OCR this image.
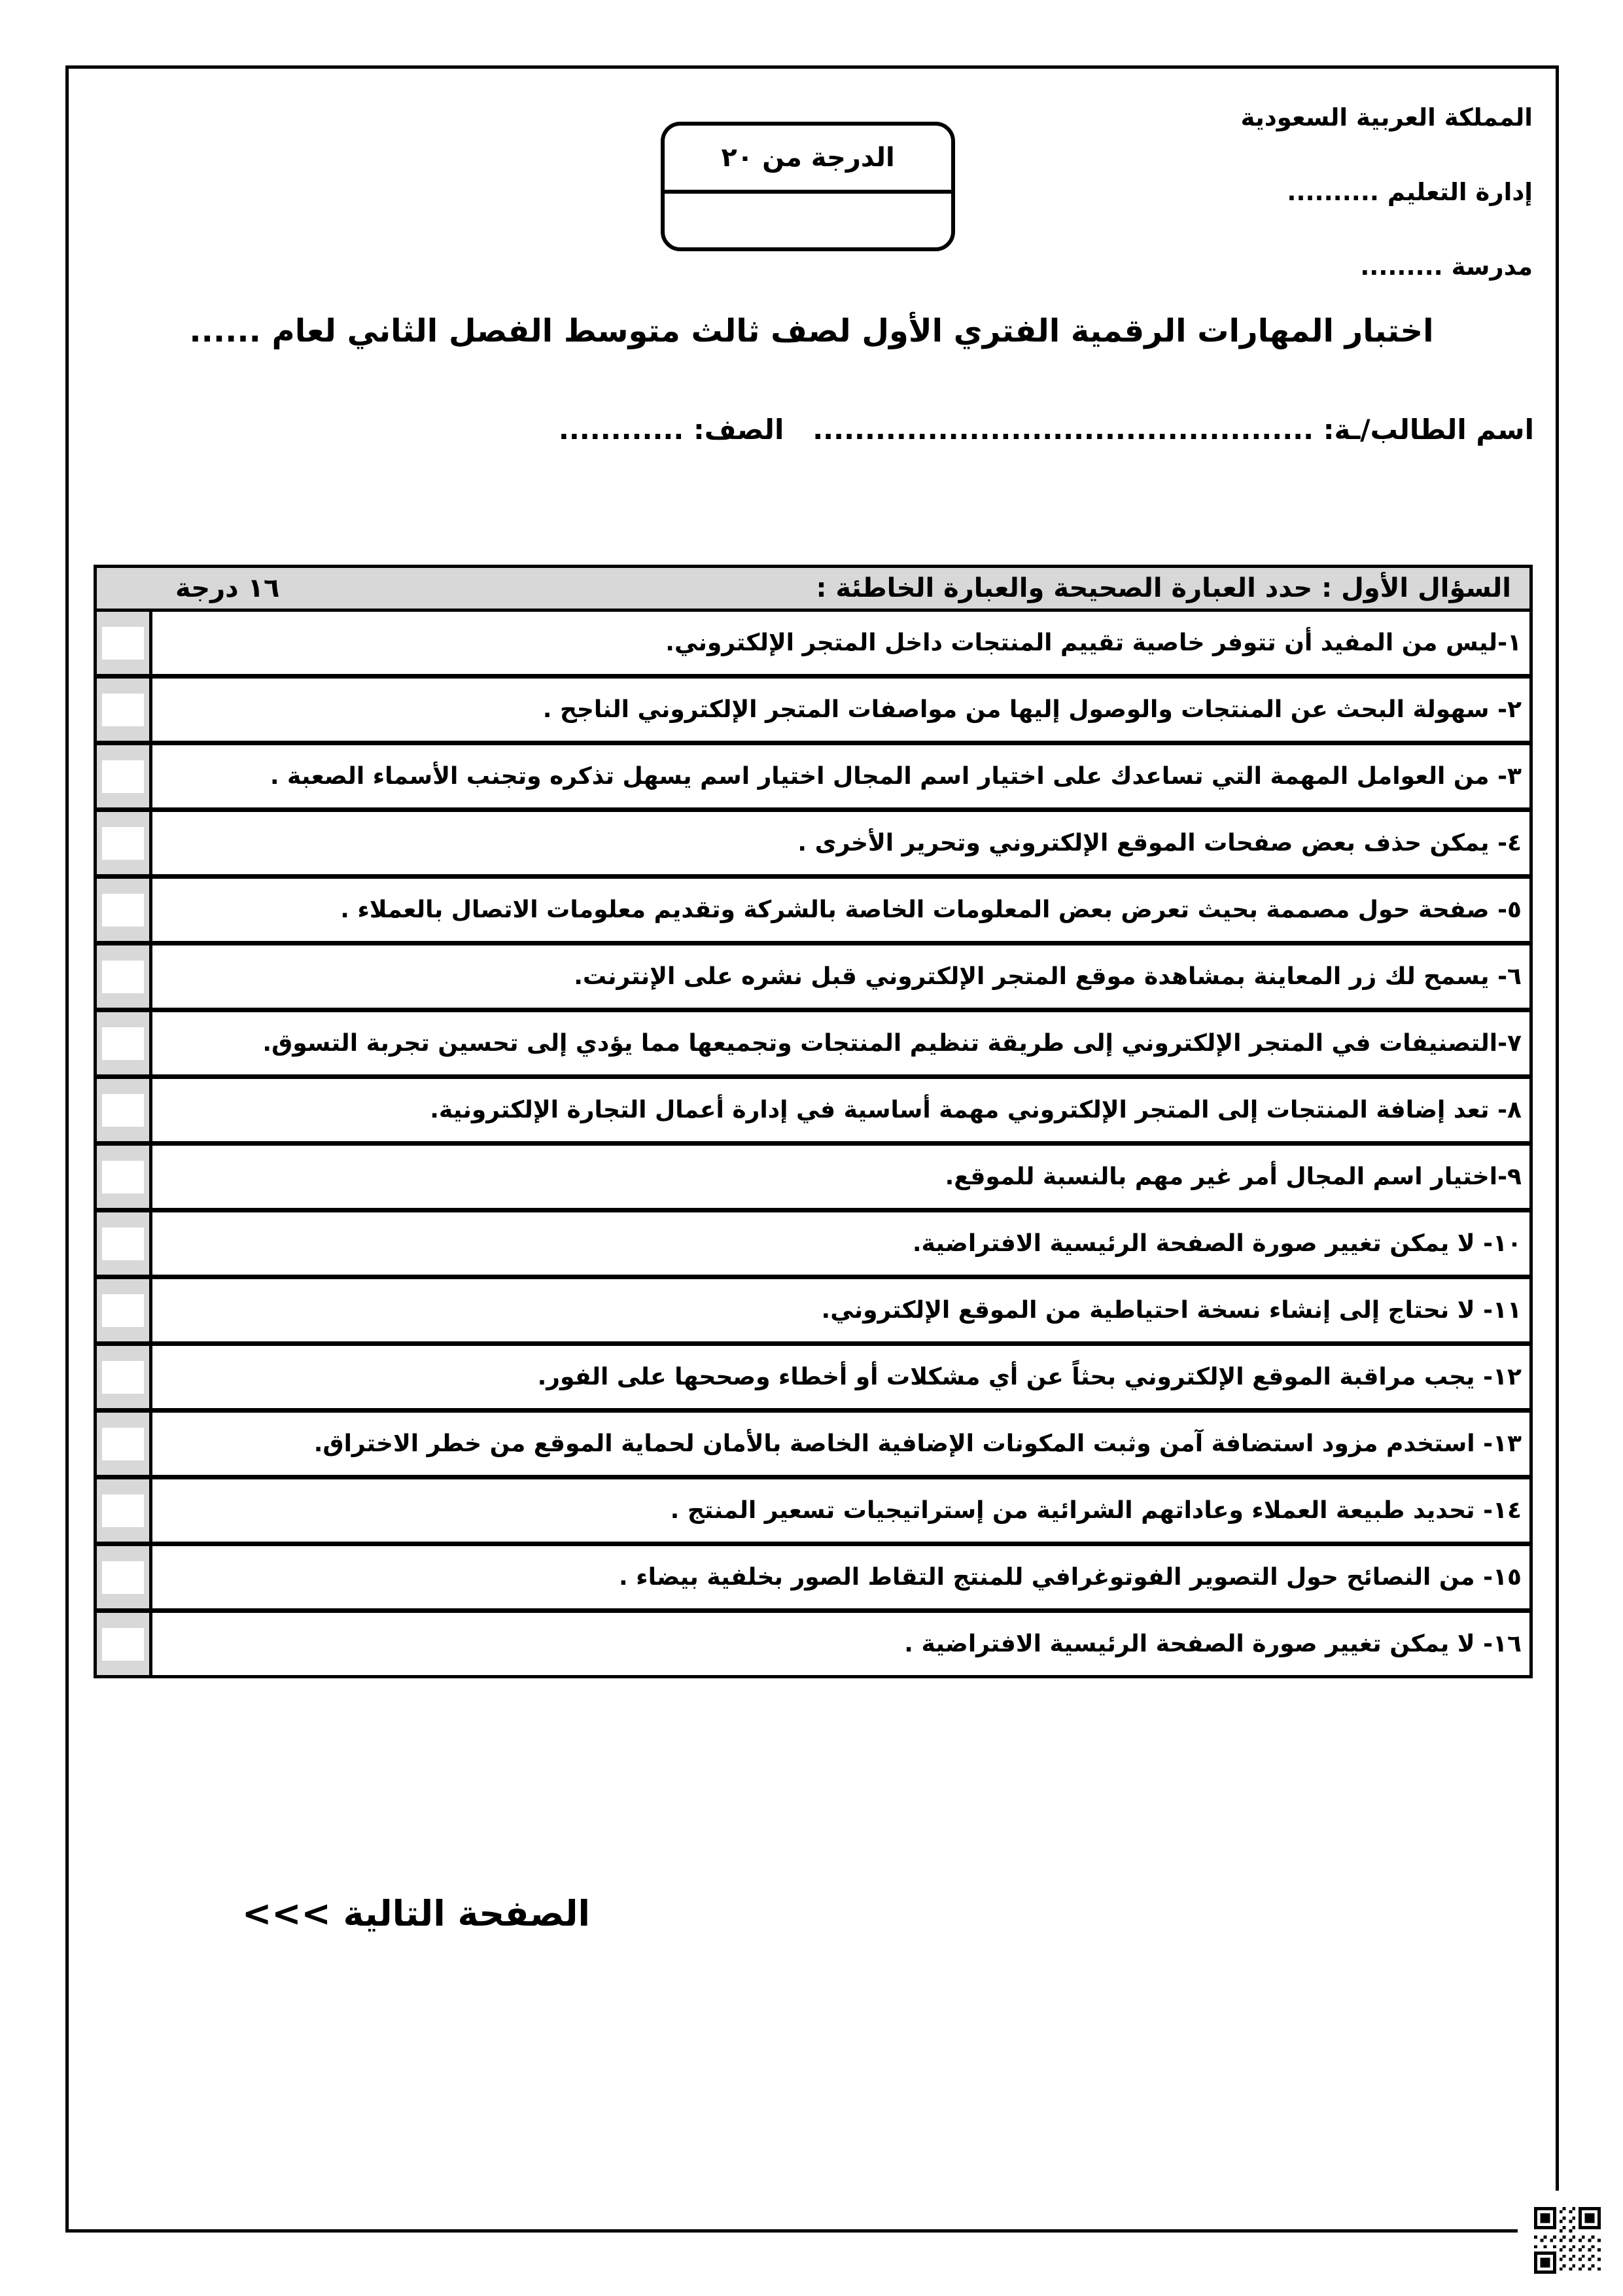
المملكة العربية السعودية
إدارة التعليم ..........
مدرسة .........
الدرجة من ٢٠
اختبار المهارات الرقمية الفتري الأول لصف ثالث متوسط الفصل الثاني لعام ......
اسم الطالب/ـة: ................................................   الصف: ............
السؤال الأول : حدد العبارة الصحيحة والعبارة الخاطئة :
١٦ درجة
١-ليس من المفيد أن تتوفر خاصية تقييم المنتجات داخل المتجر الإلكتروني.
٢- سهولة البحث عن المنتجات والوصول إليها من مواصفات المتجر الإلكتروني الناجح .
٣- من العوامل المهمة التي تساعدك على اختيار اسم المجال اختيار اسم يسهل تذكره وتجنب الأسماء الصعبة .
٤- يمكن حذف بعض صفحات الموقع الإلكتروني وتحرير الأخرى .
٥- صفحة حول مصممة بحيث تعرض بعض المعلومات الخاصة بالشركة وتقديم معلومات الاتصال بالعملاء .
٦- يسمح لك زر المعاينة بمشاهدة موقع المتجر الإلكتروني قبل نشره على الإنترنت.
٧-التصنيفات في المتجر الإلكتروني إلى طريقة تنظيم المنتجات وتجميعها مما يؤدي إلى تحسين تجربة التسوق.
٨- تعد إضافة المنتجات إلى المتجر الإلكتروني مهمة أساسية في إدارة أعمال التجارة الإلكترونية.
٩-اختيار اسم المجال أمر غير مهم بالنسبة للموقع.
١٠- لا يمكن تغيير صورة الصفحة الرئيسية الافتراضية.
١١- لا نحتاج إلى إنشاء نسخة احتياطية من الموقع الإلكتروني.
١٢- يجب مراقبة الموقع الإلكتروني بحثاً عن أي مشكلات أو أخطاء وصححها على الفور.
١٣- استخدم مزود استضافة آمن وثبت المكونات الإضافية الخاصة بالأمان لحماية الموقع من خطر الاختراق.
١٤- تحديد طبيعة العملاء وعاداتهم الشرائية من إستراتيجيات تسعير المنتج .
١٥- من النصائح حول التصوير الفوتوغرافي للمنتج التقاط الصور بخلفية بيضاء .
١٦- لا يمكن تغيير صورة الصفحة الرئيسية الافتراضية .
الصفحة التالية >>>
